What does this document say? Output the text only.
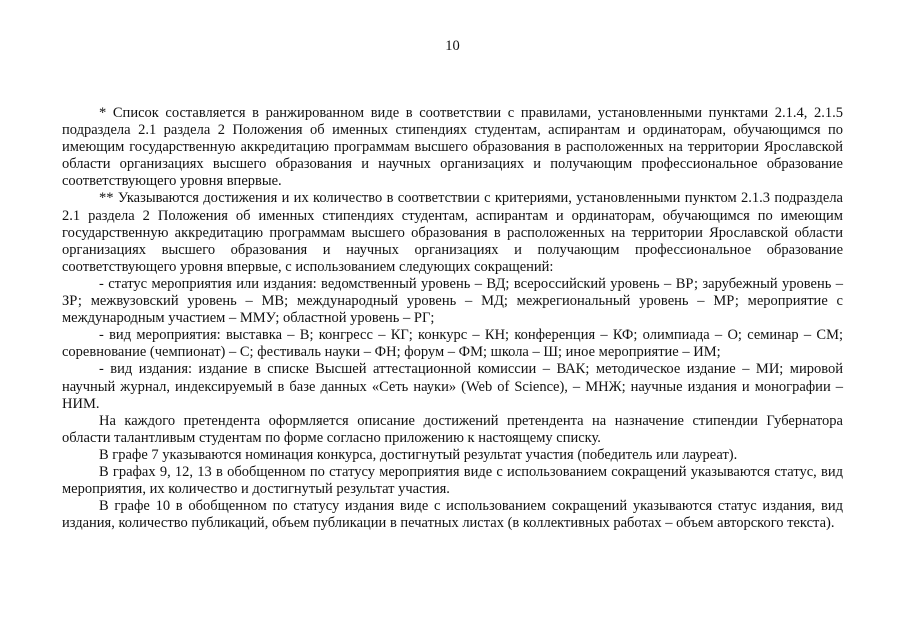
10

* Список составляется в ранжированном виде в соответствии с правилами, установленными пунктами 2.1.4, 2.1.5 подраздела 2.1 раздела 2 Положения об именных стипендиях студентам, аспирантам и ординаторам, обучающимся по имеющим государственную аккредитацию программам высшего образования в расположенных на территории Ярославской области организациях высшего образования и научных организациях и получающим профессиональное образование соответствующего уровня впервые.

** Указываются достижения и их количество в соответствии с критериями, установленными пунктом 2.1.3 подраздела 2.1 раздела 2 Положения об именных стипендиях студентам, аспирантам и ординаторам, обучающимся по имеющим государственную аккредитацию программам высшего образования в расположенных на территории Ярославской области организациях высшего образования и научных организациях и получающим профессиональное образование соответствующего уровня впервые, с использованием следующих сокращений:

- статус мероприятия или издания: ведомственный уровень – ВД; всероссийский уровень – ВР; зарубежный уровень – ЗР; межвузовский уровень – МВ; международный уровень – МД; межрегиональный уровень – МР; мероприятие с международным участием – ММУ; областной уровень – РГ;

- вид мероприятия: выставка – В; конгресс – КГ; конкурс – КН; конференция – КФ; олимпиада – О; семинар – СМ; соревнование (чемпионат) – С; фестиваль науки – ФН; форум – ФМ; школа – Ш; иное мероприятие – ИМ;

- вид издания: издание в списке Высшей аттестационной комиссии – ВАК; методическое издание – МИ; мировой научный журнал, индексируемый в базе данных «Сеть науки» (Web of Science), – МНЖ; научные издания и монографии – НИМ.

На каждого претендента оформляется описание достижений претендента на назначение стипендии Губернатора области талантливым студентам по форме согласно приложению к настоящему списку.

В графе 7 указываются номинация конкурса, достигнутый результат участия (победитель или лауреат).

В графах 9, 12, 13 в обобщенном по статусу мероприятия виде с использованием сокращений указываются статус, вид мероприятия, их количество и достигнутый результат участия.

В графе 10 в обобщенном по статусу издания виде с использованием сокращений указываются статус издания, вид издания, количество публикаций, объем публикации в печатных листах (в коллективных работах – объем авторского текста).
